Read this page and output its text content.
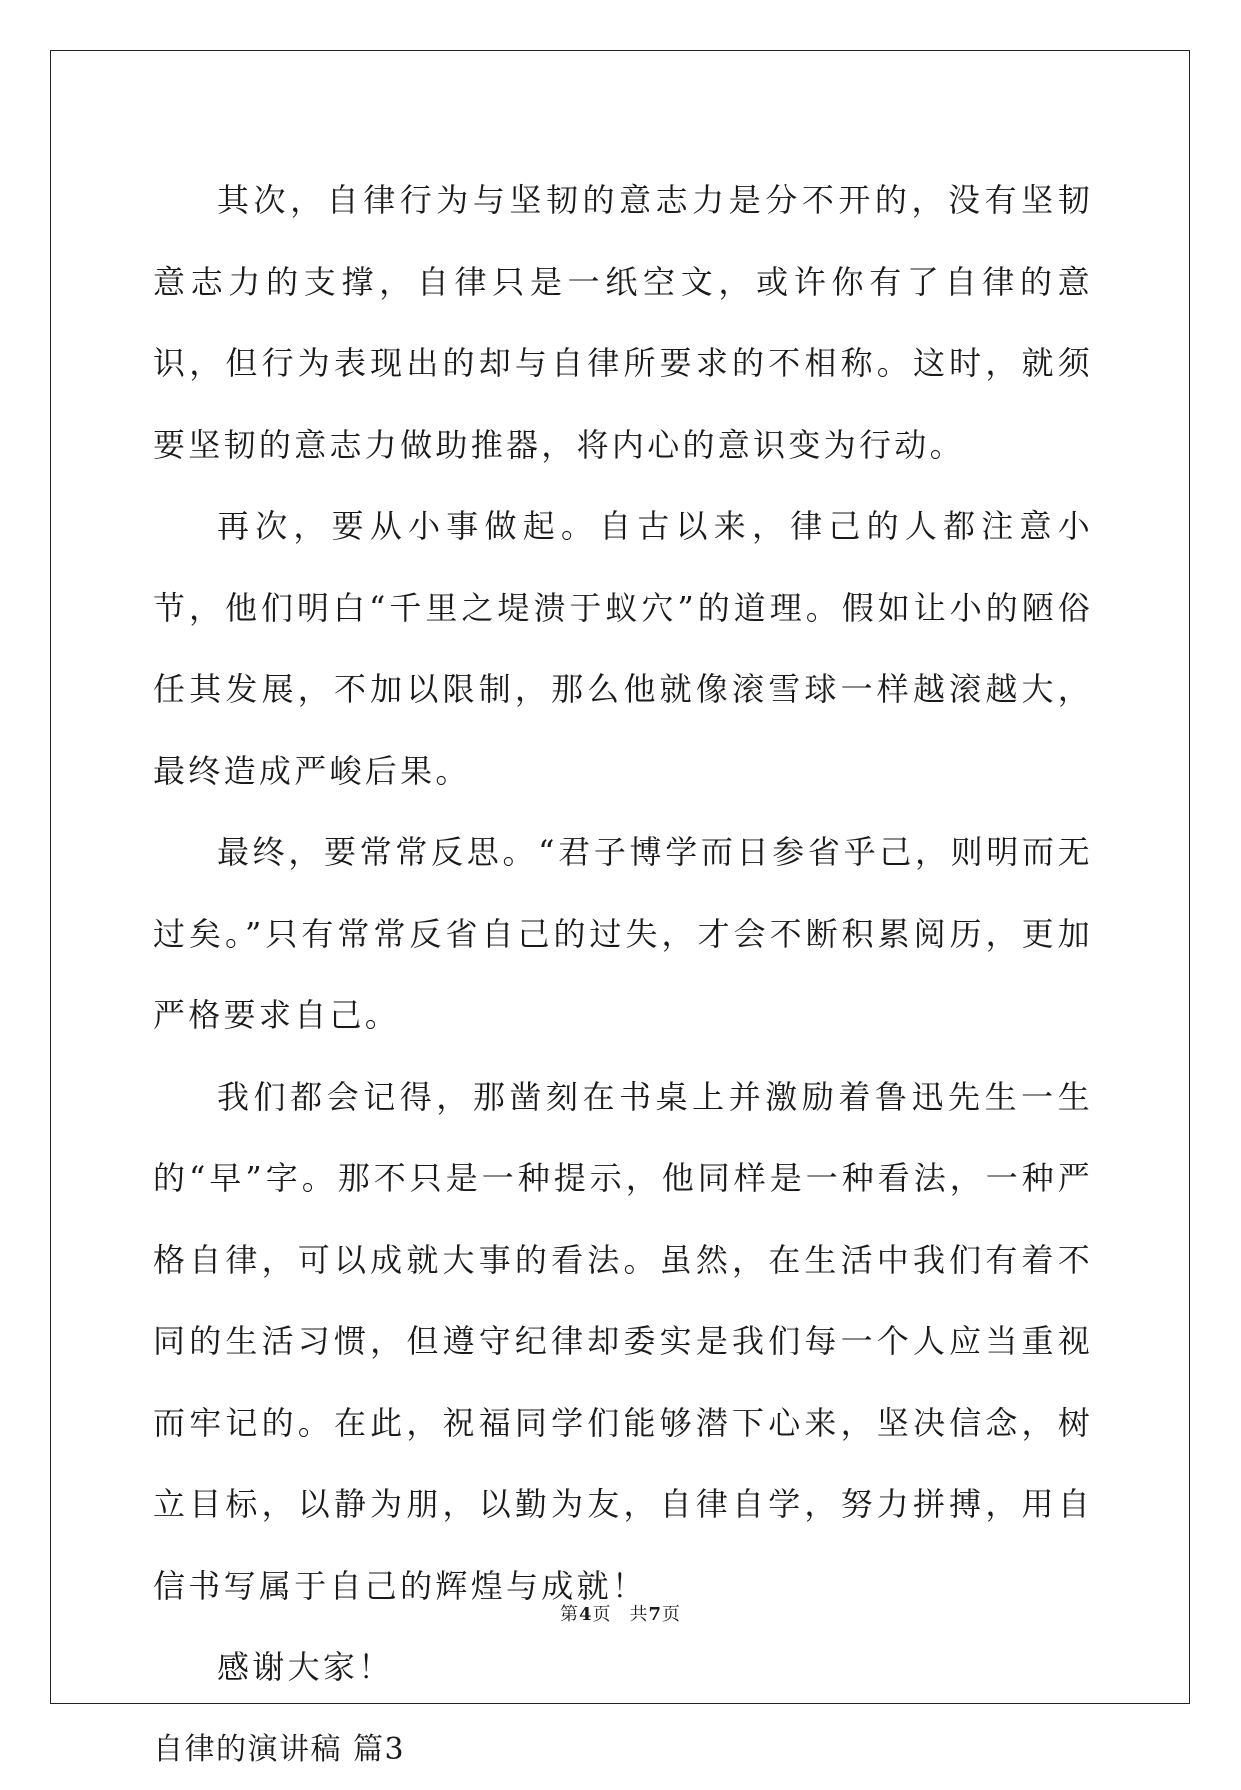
其次，自律行为与坚韧的意志力是分不开的，没有坚韧意志力的支撑，自律只是一纸空文，或许你有了自律的意识，但行为表现出的却与自律所要求的不相称。这时，就须要坚韧的意志力做助推器，将内心的意识变为行动。

再次，要从小事做起。自古以来，律己的人都注意小节，他们明白“千里之堤溃于蚁穴”的道理。假如让小的陋俗任其发展，不加以限制，那么他就像滚雪球一样越滚越大，最终造成严峻后果。

最终，要常常反思。“君子博学而日参省乎己，则明而无过矣。”只有常常反省自己的过失，才会不断积累阅历，更加严格要求自己。

我们都会记得，那凿刻在书桌上并激励着鲁迅先生一生的“早”字。那不只是一种提示，他同样是一种看法，一种严格自律，可以成就大事的看法。虽然，在生活中我们有着不同的生活习惯，但遵守纪律却委实是我们每一个人应当重视而牢记的。在此，祝福同学们能够潜下心来，坚决信念，树立目标，以静为朋，以勤为友，自律自学，努力拼搏，用自信书写属于自己的辉煌与成就！

感谢大家！

自律的演讲稿 篇3

第4页 共7页
